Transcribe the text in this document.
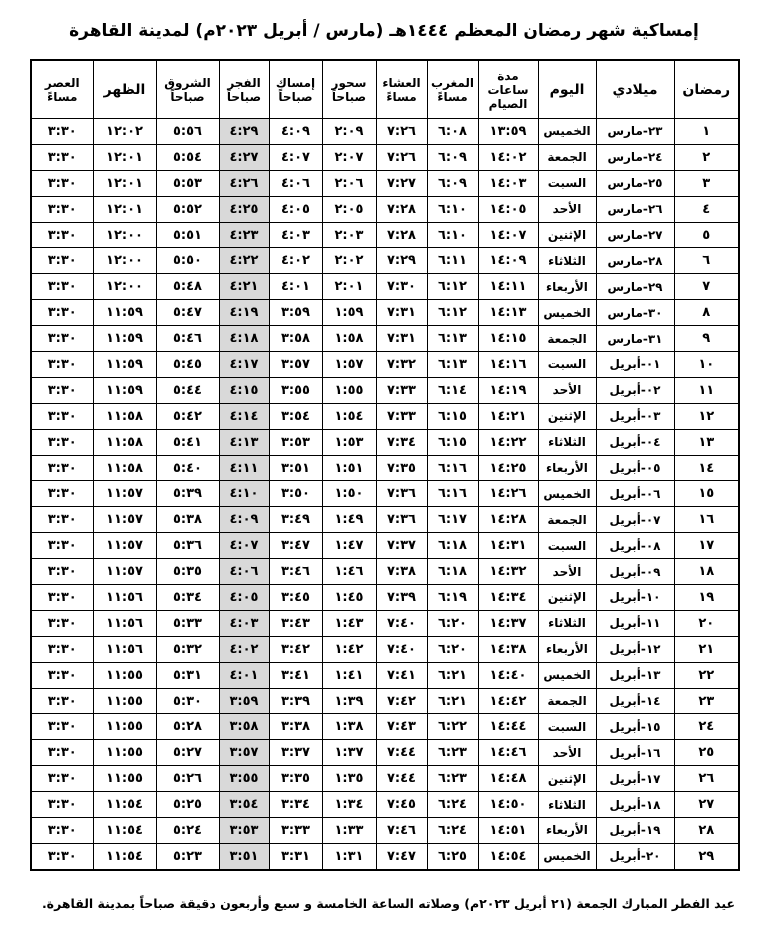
إمساكية شهر رمضان المعظم ١٤٤٤هـ (مارس / أبريل ٢٠٢٣م) لمدينة القاهرة
رمضان	ميلادي	اليوم	مدة ساعات الصيام	المغرب مساءً	العشاء مساءً	سحور صباحاً	إمساك صباحاً	الفجر صباحاً	الشروق صباحاً	الظهر	العصر مساءً
١	٢٣-مارس	الخميس	١٣:٥٩	٦:٠٨	٧:٢٦	٢:٠٩	٤:٠٩	٤:٢٩	٥:٥٦	١٢:٠٢	٣:٣٠
٢	٢٤-مارس	الجمعة	١٤:٠٢	٦:٠٩	٧:٢٦	٢:٠٧	٤:٠٧	٤:٢٧	٥:٥٤	١٢:٠١	٣:٣٠
٣	٢٥-مارس	السبت	١٤:٠٣	٦:٠٩	٧:٢٧	٢:٠٦	٤:٠٦	٤:٢٦	٥:٥٣	١٢:٠١	٣:٣٠
٤	٢٦-مارس	الأحد	١٤:٠٥	٦:١٠	٧:٢٨	٢:٠٥	٤:٠٥	٤:٢٥	٥:٥٢	١٢:٠١	٣:٣٠
٥	٢٧-مارس	الإثنين	١٤:٠٧	٦:١٠	٧:٢٨	٢:٠٣	٤:٠٣	٤:٢٣	٥:٥١	١٢:٠٠	٣:٣٠
٦	٢٨-مارس	الثلاثاء	١٤:٠٩	٦:١١	٧:٢٩	٢:٠٢	٤:٠٢	٤:٢٢	٥:٥٠	١٢:٠٠	٣:٣٠
٧	٢٩-مارس	الأربعاء	١٤:١١	٦:١٢	٧:٣٠	٢:٠١	٤:٠١	٤:٢١	٥:٤٨	١٢:٠٠	٣:٣٠
٨	٣٠-مارس	الخميس	١٤:١٣	٦:١٢	٧:٣١	١:٥٩	٣:٥٩	٤:١٩	٥:٤٧	١١:٥٩	٣:٣٠
٩	٣١-مارس	الجمعة	١٤:١٥	٦:١٣	٧:٣١	١:٥٨	٣:٥٨	٤:١٨	٥:٤٦	١١:٥٩	٣:٣٠
١٠	٠١-أبريل	السبت	١٤:١٦	٦:١٣	٧:٣٢	١:٥٧	٣:٥٧	٤:١٧	٥:٤٥	١١:٥٩	٣:٣٠
١١	٠٢-أبريل	الأحد	١٤:١٩	٦:١٤	٧:٣٣	١:٥٥	٣:٥٥	٤:١٥	٥:٤٤	١١:٥٩	٣:٣٠
١٢	٠٣-أبريل	الإثنين	١٤:٢١	٦:١٥	٧:٣٣	١:٥٤	٣:٥٤	٤:١٤	٥:٤٢	١١:٥٨	٣:٣٠
١٣	٠٤-أبريل	الثلاثاء	١٤:٢٢	٦:١٥	٧:٣٤	١:٥٣	٣:٥٣	٤:١٣	٥:٤١	١١:٥٨	٣:٣٠
١٤	٠٥-أبريل	الأربعاء	١٤:٢٥	٦:١٦	٧:٣٥	١:٥١	٣:٥١	٤:١١	٥:٤٠	١١:٥٨	٣:٣٠
١٥	٠٦-أبريل	الخميس	١٤:٢٦	٦:١٦	٧:٣٦	١:٥٠	٣:٥٠	٤:١٠	٥:٣٩	١١:٥٧	٣:٣٠
١٦	٠٧-أبريل	الجمعة	١٤:٢٨	٦:١٧	٧:٣٦	١:٤٩	٣:٤٩	٤:٠٩	٥:٣٨	١١:٥٧	٣:٣٠
١٧	٠٨-أبريل	السبت	١٤:٣١	٦:١٨	٧:٣٧	١:٤٧	٣:٤٧	٤:٠٧	٥:٣٦	١١:٥٧	٣:٣٠
١٨	٠٩-أبريل	الأحد	١٤:٣٢	٦:١٨	٧:٣٨	١:٤٦	٣:٤٦	٤:٠٦	٥:٣٥	١١:٥٧	٣:٣٠
١٩	١٠-أبريل	الإثنين	١٤:٣٤	٦:١٩	٧:٣٩	١:٤٥	٣:٤٥	٤:٠٥	٥:٣٤	١١:٥٦	٣:٣٠
٢٠	١١-أبريل	الثلاثاء	١٤:٣٧	٦:٢٠	٧:٤٠	١:٤٣	٣:٤٣	٤:٠٣	٥:٣٣	١١:٥٦	٣:٣٠
٢١	١٢-أبريل	الأربعاء	١٤:٣٨	٦:٢٠	٧:٤٠	١:٤٢	٣:٤٢	٤:٠٢	٥:٣٢	١١:٥٦	٣:٣٠
٢٢	١٣-أبريل	الخميس	١٤:٤٠	٦:٢١	٧:٤١	١:٤١	٣:٤١	٤:٠١	٥:٣١	١١:٥٥	٣:٣٠
٢٣	١٤-أبريل	الجمعة	١٤:٤٢	٦:٢١	٧:٤٢	١:٣٩	٣:٣٩	٣:٥٩	٥:٣٠	١١:٥٥	٣:٣٠
٢٤	١٥-أبريل	السبت	١٤:٤٤	٦:٢٢	٧:٤٣	١:٣٨	٣:٣٨	٣:٥٨	٥:٢٨	١١:٥٥	٣:٣٠
٢٥	١٦-أبريل	الأحد	١٤:٤٦	٦:٢٣	٧:٤٤	١:٣٧	٣:٣٧	٣:٥٧	٥:٢٧	١١:٥٥	٣:٣٠
٢٦	١٧-أبريل	الإثنين	١٤:٤٨	٦:٢٣	٧:٤٤	١:٣٥	٣:٣٥	٣:٥٥	٥:٢٦	١١:٥٥	٣:٣٠
٢٧	١٨-أبريل	الثلاثاء	١٤:٥٠	٦:٢٤	٧:٤٥	١:٣٤	٣:٣٤	٣:٥٤	٥:٢٥	١١:٥٤	٣:٣٠
٢٨	١٩-أبريل	الأربعاء	١٤:٥١	٦:٢٤	٧:٤٦	١:٣٣	٣:٣٣	٣:٥٣	٥:٢٤	١١:٥٤	٣:٣٠
٢٩	٢٠-أبريل	الخميس	١٤:٥٤	٦:٢٥	٧:٤٧	١:٣١	٣:٣١	٣:٥١	٥:٢٣	١١:٥٤	٣:٣٠
عيد الفطر المبارك الجمعة (٢١ أبريل ٢٠٢٣م) وصلاته الساعة الخامسة و سبع وأربعون دقيقة صباحاً بمدينة القاهرة.
